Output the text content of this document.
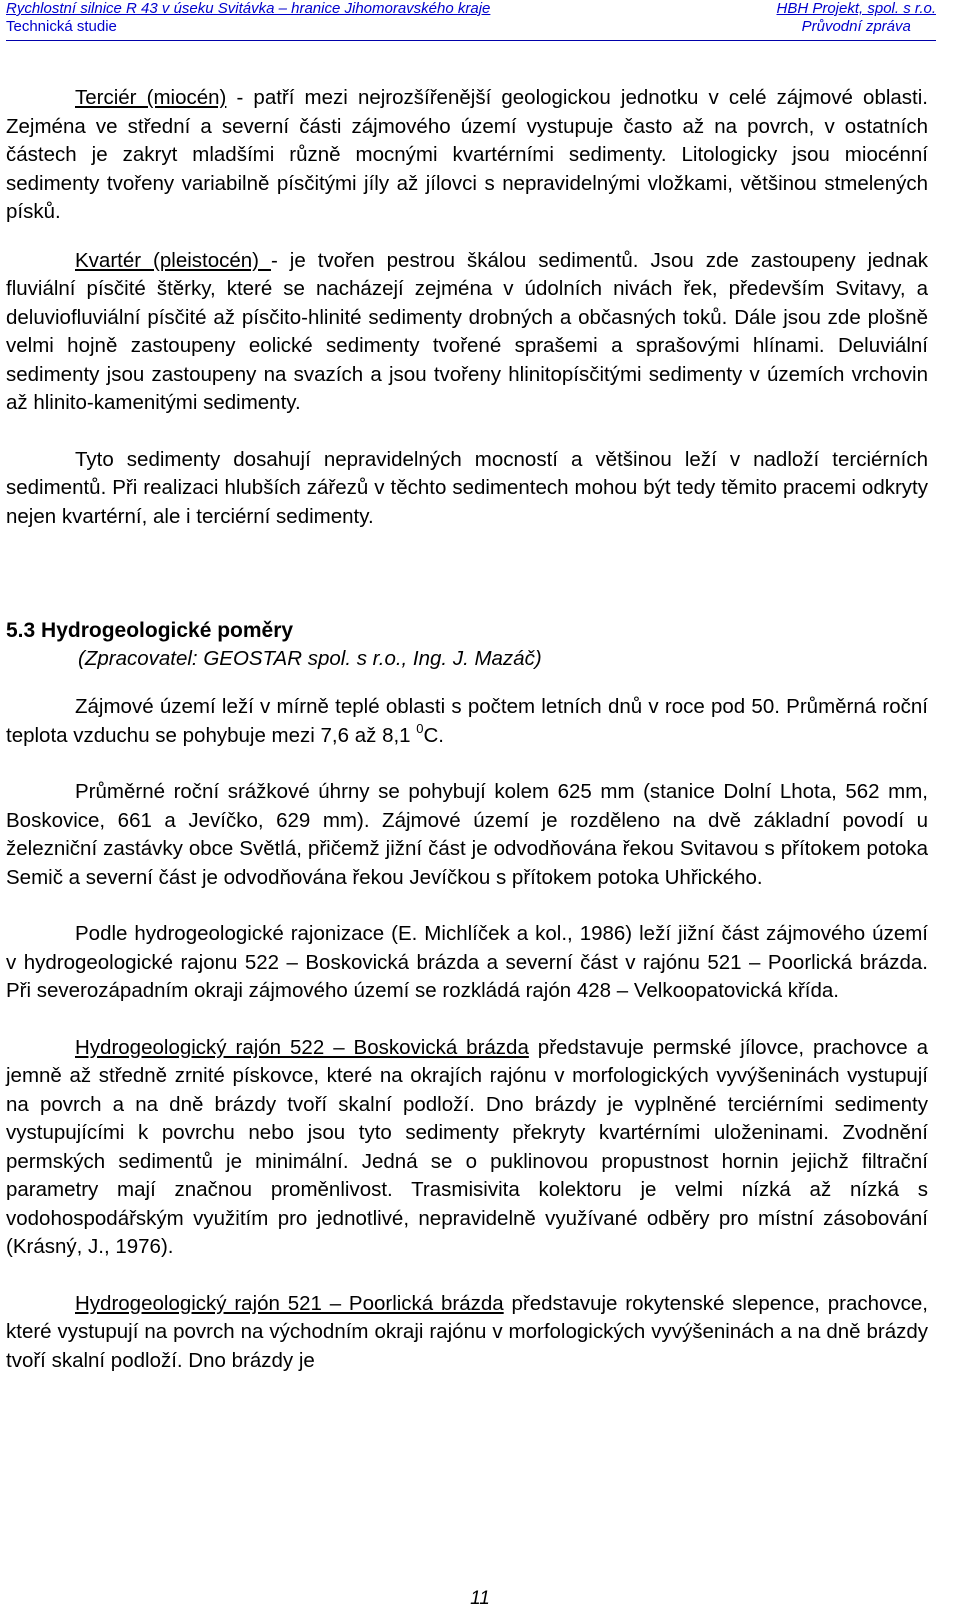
Rychlostní silnice R 43 v úseku Svitávka – hranice Jihomoravského kraje
Technická studie
HBH Projekt, spol. s r.o.
Průvodní zpráva

Terciér (miocén) - patří mezi nejrozšířenější geologickou jednotku v celé zájmové oblasti. Zejména ve střední a severní části zájmového území vystupuje často až na povrch, v ostatních částech je zakryt mladšími různě mocnými kvartérními sedimenty. Litologicky jsou miocénní sedimenty tvořeny variabilně písčitými jíly až jílovci s nepravidelnými vložkami, většinou stmelených písků.

Kvartér (pleistocén) - je tvořen pestrou škálou sedimentů. Jsou zde zastoupeny jednak fluviální písčité štěrky, které se nacházejí zejména v údolních nivách řek, především Svitavy, a deluviofluviální písčité až písčito-hlinité sedimenty drobných a občasných toků. Dále jsou zde plošně velmi hojně zastoupeny eolické sedimenty tvořené sprašemi a sprašovými hlínami. Deluviální sedimenty jsou zastoupeny na svazích a jsou tvořeny hlinitopísčitými sedimenty v územích vrchovin až hlinito-kamenitými sedimenty.

Tyto sedimenty dosahují nepravidelných mocností a většinou leží v nadloží terciérních sedimentů. Při realizaci hlubších zářezů v těchto sedimentech mohou být tedy těmito pracemi odkryty nejen kvartérní, ale i terciérní sedimenty.

5.3 Hydrogeologické poměry
(Zpracovatel: GEOSTAR spol. s r.o., Ing. J. Mazáč)

Zájmové území leží v mírně teplé oblasti s počtem letních dnů v roce pod 50. Průměrná roční teplota vzduchu se pohybuje mezi 7,6 až 8,1 $^0$C.

Průměrné roční srážkové úhrny se pohybují kolem 625 mm (stanice Dolní Lhota, 562 mm, Boskovice, 661 a Jevíčko, 629 mm). Zájmové území je rozděleno na dvě základní povodí u železniční zastávky obce Světlá, přičemž jižní část je odvodňována řekou Svitavou s přítokem potoka Semič a severní část je odvodňována řekou Jevíčkou s přítokem potoka Uhřického.

Podle hydrogeologické rajonizace (E. Michlíček a kol., 1986) leží jižní část zájmového území v hydrogeologické rajonu 522 – Boskovická brázda a severní část v rajónu 521 – Poorlická brázda. Při severozápadním okraji zájmového území se rozkládá rajón 428 – Velkoopatovická křída.

Hydrogeologický rajón 522 – Boskovická brázda představuje permské jílovce, prachovce a jemně až středně zrnité pískovce, které na okrajích rajónu v morfologických vyvýšeninách vystupují na povrch a na dně brázdy tvoří skalní podloží. Dno brázdy je vyplněné terciérními sedimenty vystupujícími k povrchu nebo jsou tyto sedimenty překryty kvartérními uloženinami. Zvodnění permských sedimentů je minimální. Jedná se o puklinovou propustnost hornin jejichž filtrační parametry mají značnou proměnlivost. Trasmisivita kolektoru je velmi nízká až nízká s vodohospodářským využitím pro jednotlivé, nepravidelně využívané odběry pro místní zásobování (Krásný, J., 1976).

Hydrogeologický rajón 521 – Poorlická brázda představuje rokytenské slepence, prachovce, které vystupují na povrch na východním okraji rajónu v morfologických vyvýšeninách a na dně brázdy tvoří skalní podloží. Dno brázdy je

11
